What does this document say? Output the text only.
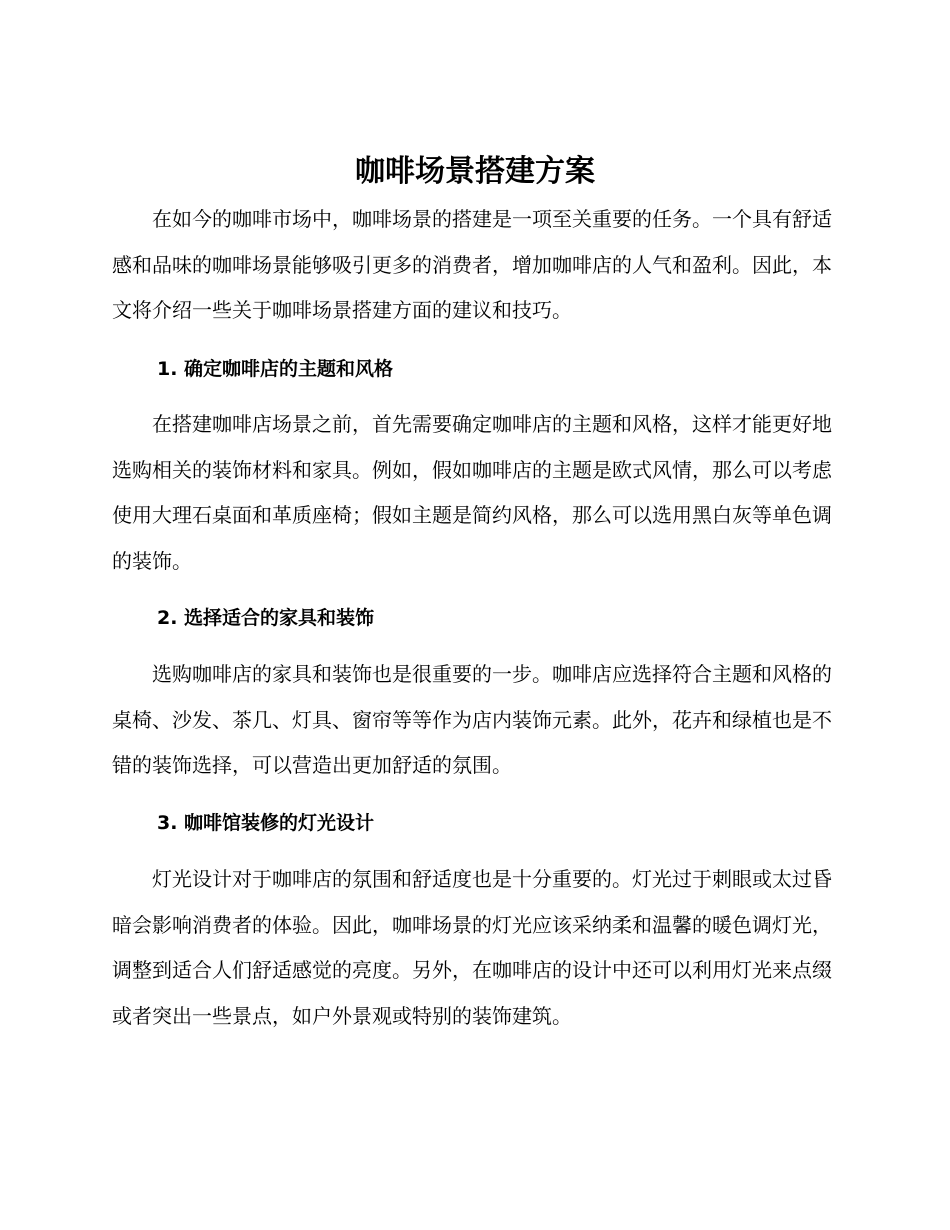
咖啡场景搭建方案

在如今的咖啡市场中，咖啡场景的搭建是一项至关重要的任务。一个具有舒适感和品味的咖啡场景能够吸引更多的消费者，增加咖啡店的人气和盈利。因此，本文将介绍一些关于咖啡场景搭建方面的建议和技巧。

1. 确定咖啡店的主题和风格

在搭建咖啡店场景之前，首先需要确定咖啡店的主题和风格，这样才能更好地选购相关的装饰材料和家具。例如，假如咖啡店的主题是欧式风情，那么可以考虑使用大理石桌面和革质座椅；假如主题是简约风格，那么可以选用黑白灰等单色调的装饰。

2. 选择适合的家具和装饰

选购咖啡店的家具和装饰也是很重要的一步。咖啡店应选择符合主题和风格的桌椅、沙发、茶几、灯具、窗帘等等作为店内装饰元素。此外，花卉和绿植也是不错的装饰选择，可以营造出更加舒适的氛围。

3. 咖啡馆装修的灯光设计

灯光设计对于咖啡店的氛围和舒适度也是十分重要的。灯光过于刺眼或太过昏暗会影响消费者的体验。因此，咖啡场景的灯光应该采纳柔和温馨的暖色调灯光，调整到适合人们舒适感觉的亮度。另外，在咖啡店的设计中还可以利用灯光来点缀或者突出一些景点，如户外景观或特别的装饰建筑。
